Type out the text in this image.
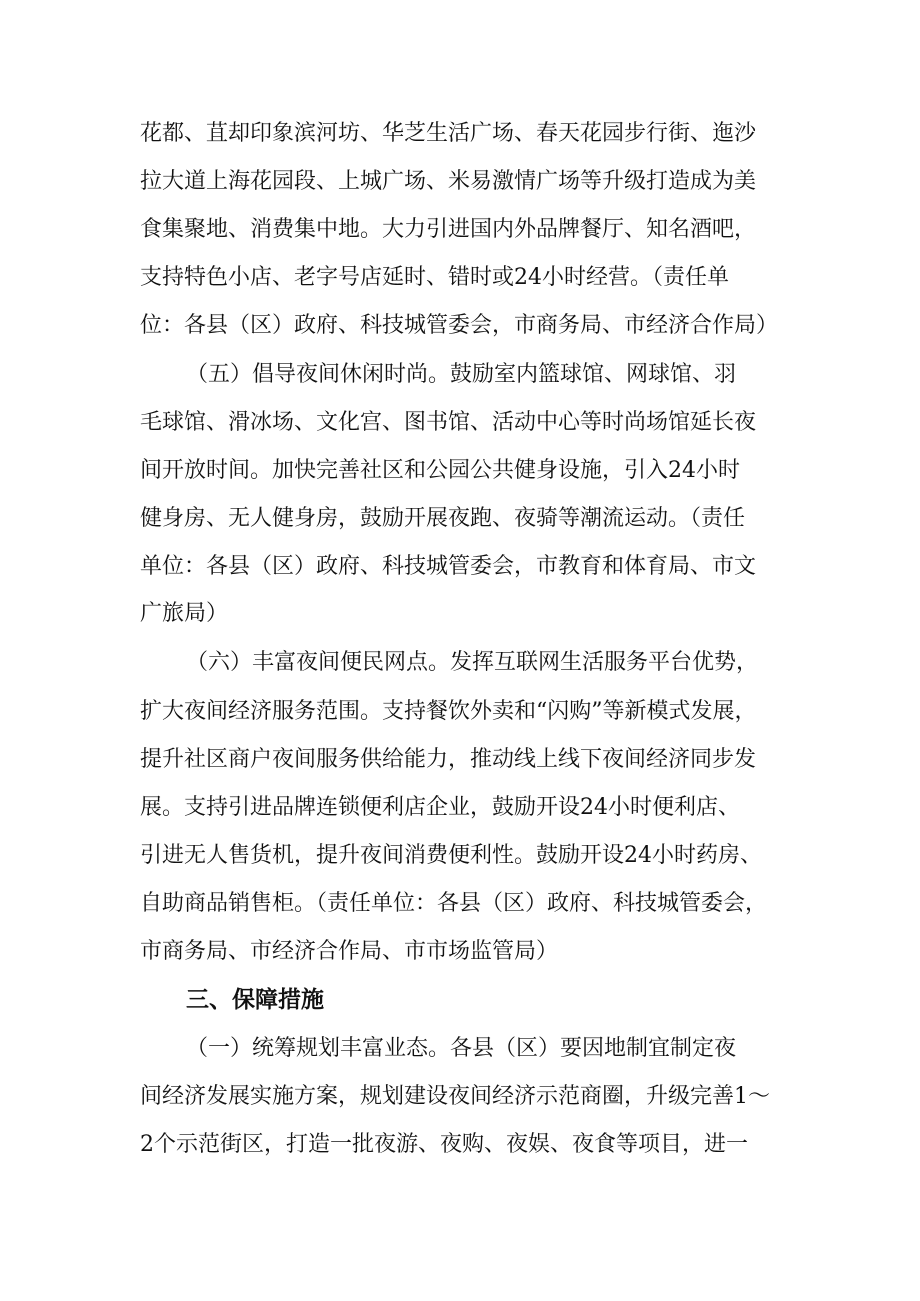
花都、苴却印象滨河坊、华芝生活广场、春天花园步行街、迤沙
拉大道上海花园段、上城广场、米易激情广场等升级打造成为美
食集聚地、消费集中地。大力引进国内外品牌餐厅、知名酒吧，
支持特色小店、老字号店延时、错时或24小时经营。（责任单
位：各县（区）政府、科技城管委会，市商务局、市经济合作局）
（五）倡导夜间休闲时尚。鼓励室内篮球馆、网球馆、羽
毛球馆、滑冰场、文化宫、图书馆、活动中心等时尚场馆延长夜
间开放时间。加快完善社区和公园公共健身设施，引入24小时
健身房、无人健身房，鼓励开展夜跑、夜骑等潮流运动。（责任
单位：各县（区）政府、科技城管委会，市教育和体育局、市文
广旅局）
（六）丰富夜间便民网点。发挥互联网生活服务平台优势，
扩大夜间经济服务范围。支持餐饮外卖和“闪购”等新模式发展，
提升社区商户夜间服务供给能力，推动线上线下夜间经济同步发
展。支持引进品牌连锁便利店企业，鼓励开设24小时便利店、
引进无人售货机，提升夜间消费便利性。鼓励开设24小时药房、
自助商品销售柜。（责任单位：各县（区）政府、科技城管委会，
市商务局、市经济合作局、市市场监管局）
三、保障措施
（一）统筹规划丰富业态。各县（区）要因地制宜制定夜
间经济发展实施方案，规划建设夜间经济示范商圈，升级完善1～
2个示范街区，打造一批夜游、夜购、夜娱、夜食等项目，进一
